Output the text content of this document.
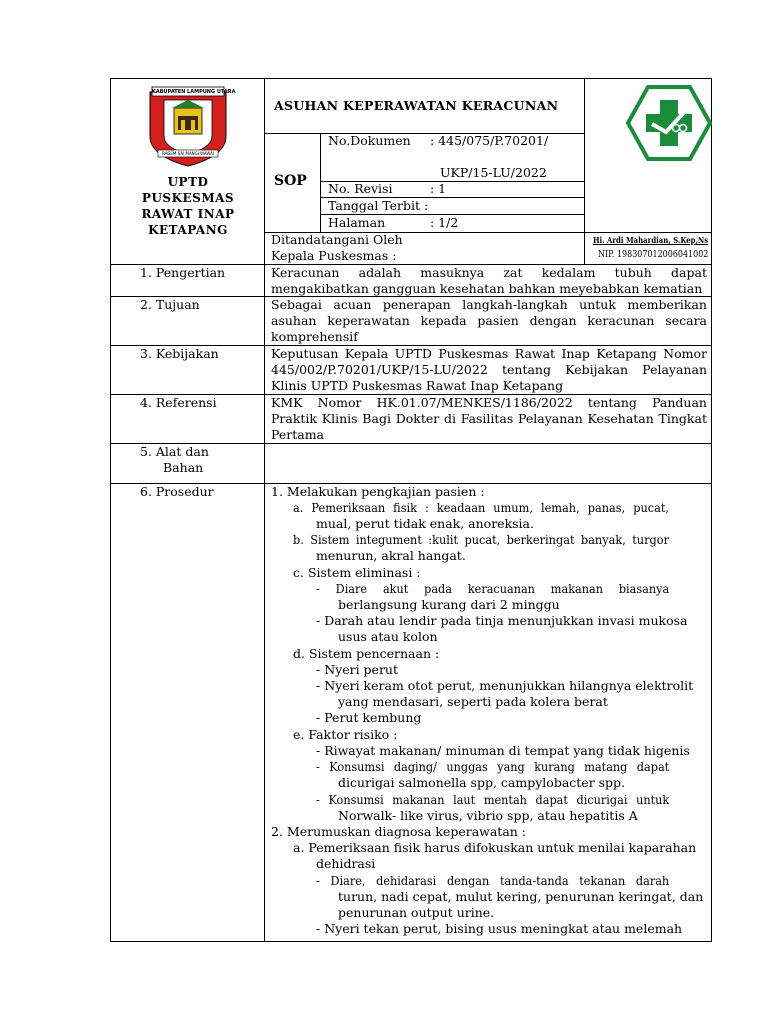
KABUPATEN LAMPUNG UTARA
RAGEM SAI MANGI WAWAI
UPTD
PUSKESMAS
RAWAT INAP
KETAPANG
ASUHAN KEPERAWATAN KERACUNAN
SOP
No.Dokumen : 445/075/P.70201/
UKP/15-LU/2022
No. Revisi	: 1
Tanggal Terbit :
Halaman	: 1/2
Ditandatangani Oleh
Kepala Puskesmas :
Hi. Ardi Mahardian, S.Kep,Ns
NIP. 198307012006041002
1. Pengertian	Keracunan adalah masuknya zat kedalam tubuh dapat
mengakibatkan gangguan kesehatan bahkan meyebabkan kematian
2. Tujuan	Sebagai acuan penerapan langkah-langkah untuk memberikan
asuhan keperawatan kepada pasien dengan keracunan secara
komprehensif
3. Kebijakan	Keputusan Kepala UPTD Puskesmas Rawat Inap Ketapang Nomor
445/002/P.70201/UKP/15-LU/2022 tentang Kebijakan Pelayanan
Klinis UPTD Puskesmas Rawat Inap Ketapang
4. Referensi	KMK Nomor HK.01.07/MENKES/1186/2022 tentang Panduan
Praktik Klinis Bagi Dokter di Fasilitas Pelayanan Kesehatan Tingkat
Pertama
5. Alat dan
Bahan
6. Prosedur	1. Melakukan pengkajian pasien :
a. Pemeriksaan fisik : keadaan umum, lemah, panas, pucat,
mual, perut tidak enak, anoreksia.
b. Sistem integument :kulit pucat, berkeringat banyak, turgor
menurun, akral hangat.
c. Sistem eliminasi :
- Diare akut pada keracuanan makanan biasanya
berlangsung kurang dari 2 minggu
- Darah atau lendir pada tinja menunjukkan invasi mukosa
usus atau kolon
d. Sistem pencernaan :
- Nyeri perut
- Nyeri keram otot perut, menunjukkan hilangnya elektrolit
yang mendasari, seperti pada kolera berat
- Perut kembung
e. Faktor risiko :
- Riwayat makanan/ minuman di tempat yang tidak higenis
- Konsumsi daging/ unggas yang kurang matang dapat
dicurigai salmonella spp, campylobacter spp.
- Konsumsi makanan laut mentah dapat dicurigai untuk
Norwalk- like virus, vibrio spp, atau hepatitis A
2. Merumuskan diagnosa keperawatan :
a. Pemeriksaan fisik harus difokuskan untuk menilai kaparahan
dehidrasi
- Diare, dehidarasi dengan tanda-tanda tekanan darah
turun, nadi cepat, mulut kering, penurunan keringat, dan
penurunan output urine.
- Nyeri tekan perut, bising usus meningkat atau melemah
